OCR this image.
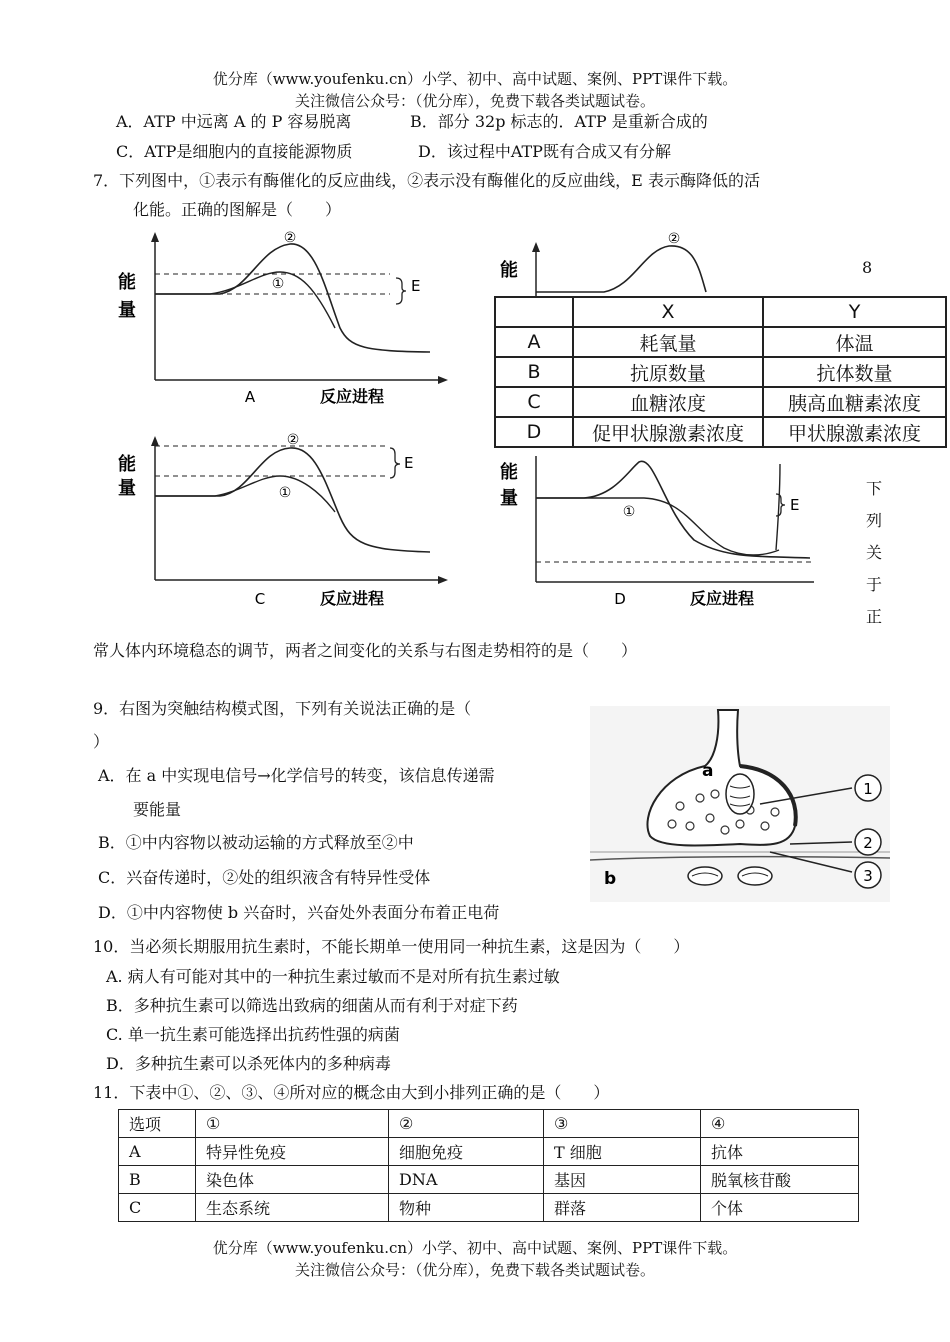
优分库（www.youfenku.cn）小学、初中、高中试题、案例、PPT课件下载。
关注微信公众号：（优分库），免费下载各类试题试卷。
A．ATP 中远离 A 的 P 容易脱离	B．部分 32p 标志的．ATP 是重新合成的
C．ATP是细胞内的直接能源物质	D．该过程中ATP既有合成又有分解
7．下列图中，①表示有酶催化的反应曲线，②表示没有酶催化的反应曲线，E 表示酶降低的活
化能。正确的图解是（　　）
E
②
①
能
量
A	反应进程
②
能	8
	X	Y
A	耗氧量	体温
B	抗原数量	抗体数量
C	血糖浓度	胰高血糖素浓度
D	促甲状腺激素浓度	甲状腺激素浓度
E
②
①
能
量
C	反应进程
E
①
能
量
D	反应进程
下
列
关
于
正
常人体内环境稳态的调节，两者之间变化的关系与右图走势相符的是（　　）
9．右图为突触结构模式图，下列有关说法正确的是（
）
A．在 a 中实现电信号→化学信号的转变，该信息传递需
要能量
B．①中内容物以被动运输的方式释放至②中
C．兴奋传递时，②处的组织液含有特异性受体
D．①中内容物使 b 兴奋时，兴奋处外表面分布着正电荷
1
2
3
a
b
10．当必须长期服用抗生素时，不能长期单一使用同一种抗生素，这是因为（　　）
A. 病人有可能对其中的一种抗生素过敏而不是对所有抗生素过敏
B．多种抗生素可以筛选出致病的细菌从而有利于对症下药
C. 单一抗生素可能选择出抗药性强的病菌
D．多种抗生素可以杀死体内的多种病毒
11．下表中①、②、③、④所对应的概念由大到小排列正确的是（　　）
选项	①	②	③	④
A	特异性免疫	细胞免疫	T 细胞	抗体
B	染色体	DNA	基因	脱氧核苷酸
C	生态系统	物种	群落	个体
优分库（www.youfenku.cn）小学、初中、高中试题、案例、PPT课件下载。
关注微信公众号：（优分库），免费下载各类试题试卷。
